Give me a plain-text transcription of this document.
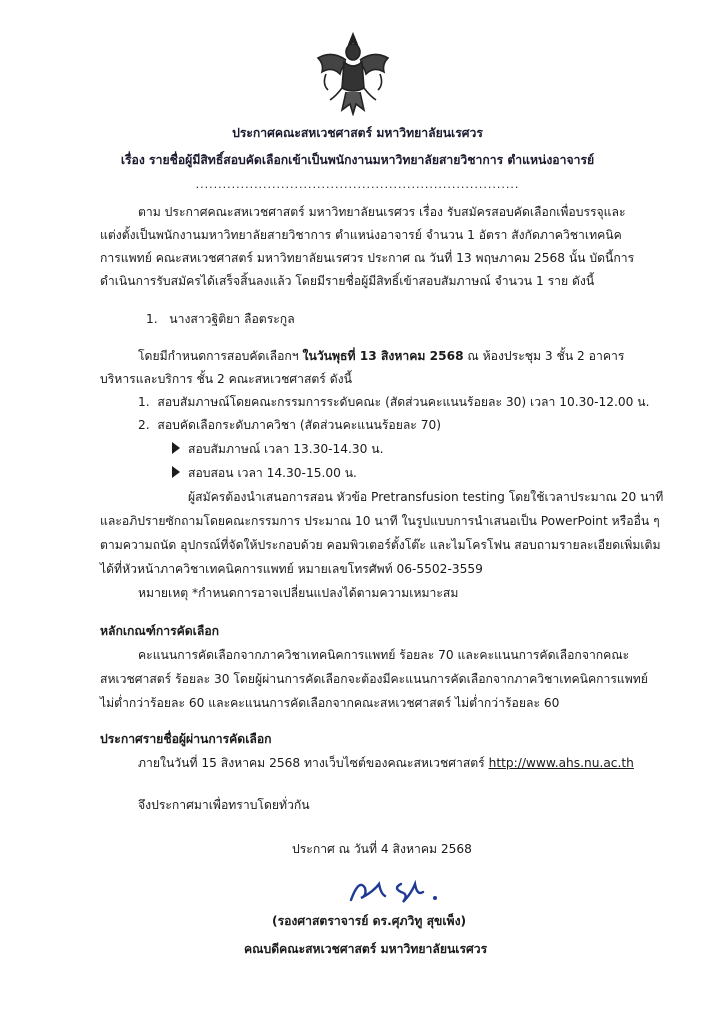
ประกาศคณะสหเวชศาสตร์ มหาวิทยาลัยนเรศวร
เรื่อง รายชื่อผู้มีสิทธิ์สอบคัดเลือกเข้าเป็นพนักงานมหาวิทยาลัยสายวิชาการ ตำแหน่งอาจารย์
........................................................................
ตาม ประกาศคณะสหเวชศาสตร์ มหาวิทยาลัยนเรศวร เรื่อง รับสมัครสอบคัดเลือกเพื่อบรรจุและ
แต่งตั้งเป็นพนักงานมหาวิทยาลัยสายวิชาการ ตำแหน่งอาจารย์ จำนวน 1 อัตรา สังกัดภาควิชาเทคนิค
การแพทย์ คณะสหเวชศาสตร์ มหาวิทยาลัยนเรศวร ประกาศ ณ วันที่ 13 พฤษภาคม 2568 นั้น บัดนี้การ
ดำเนินการรับสมัครได้เสร็จสิ้นลงแล้ว โดยมีรายชื่อผู้มีสิทธิ์เข้าสอบสัมภาษณ์ จำนวน 1 ราย ดังนี้
1. นางสาวฐิติยา ลือตระกูล
โดยมีกำหนดการสอบคัดเลือกฯ ในวันพุธที่ 13 สิงหาคม 2568 ณ ห้องประชุม 3 ชั้น 2 อาคาร
บริหารและบริการ ชั้น 2 คณะสหเวชศาสตร์ ดังนี้
1. สอบสัมภาษณ์โดยคณะกรรมการระดับคณะ (สัดส่วนคะแนนร้อยละ 30) เวลา 10.30-12.00 น.
2. สอบคัดเลือกระดับภาควิชา (สัดส่วนคะแนนร้อยละ 70)
สอบสัมภาษณ์ เวลา 13.30-14.30 น.
สอบสอน เวลา 14.30-15.00 น.
ผู้สมัครต้องนำเสนอการสอน หัวข้อ Pretransfusion testing โดยใช้เวลาประมาณ 20 นาที
และอภิปรายซักถามโดยคณะกรรมการ ประมาณ 10 นาที ในรูปแบบการนำเสนอเป็น PowerPoint หรืออื่น ๆ
ตามความถนัด อุปกรณ์ที่จัดให้ประกอบด้วย คอมพิวเตอร์ตั้งโต๊ะ และไมโครโฟน สอบถามรายละเอียดเพิ่มเติม
ได้ที่หัวหน้าภาควิชาเทคนิคการแพทย์ หมายเลขโทรศัพท์ 06-5502-3559
หมายเหตุ *กำหนดการอาจเปลี่ยนแปลงได้ตามความเหมาะสม
หลักเกณฑ์การคัดเลือก
คะแนนการคัดเลือกจากภาควิชาเทคนิคการแพทย์ ร้อยละ 70 และคะแนนการคัดเลือกจากคณะ
สหเวชศาสตร์ ร้อยละ 30 โดยผู้ผ่านการคัดเลือกจะต้องมีคะแนนการคัดเลือกจากภาควิชาเทคนิคการแพทย์
ไม่ต่ำกว่าร้อยละ 60 และคะแนนการคัดเลือกจากคณะสหเวชศาสตร์ ไม่ต่ำกว่าร้อยละ 60
ประกาศรายชื่อผู้ผ่านการคัดเลือก
ภายในวันที่ 15 สิงหาคม 2568 ทางเว็บไซต์ของคณะสหเวชศาสตร์ http://www.ahs.nu.ac.th
จึงประกาศมาเพื่อทราบโดยทั่วกัน
ประกาศ ณ วันที่ 4 สิงหาคม 2568
(รองศาสตราจารย์ ดร.ศุภวิทู สุขเพ็ง)
คณบดีคณะสหเวชศาสตร์ มหาวิทยาลัยนเรศวร
